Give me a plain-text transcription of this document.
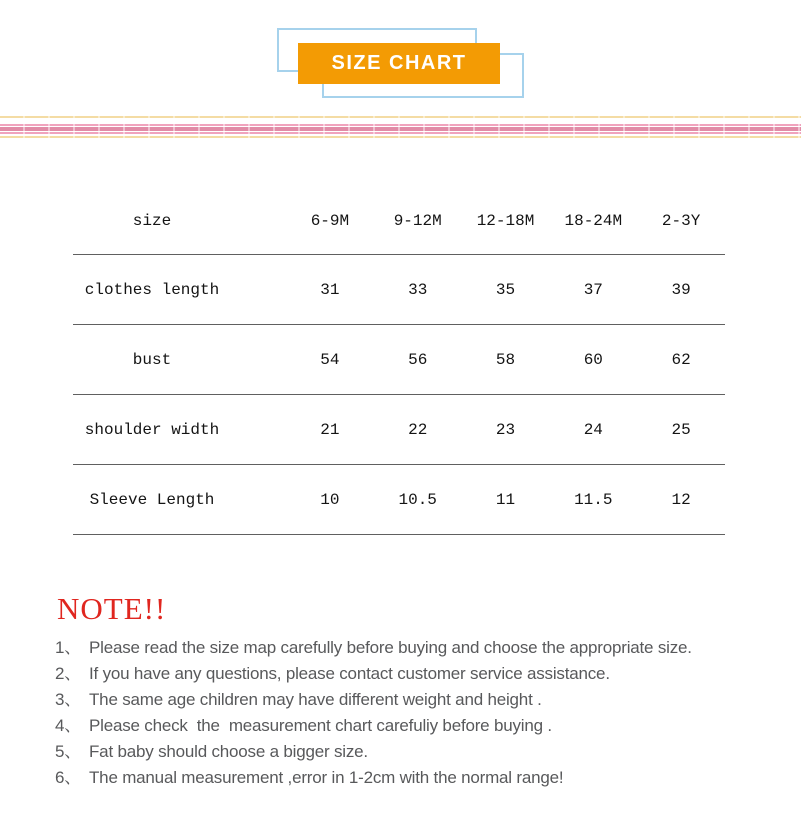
SIZE CHART
size	6-9M	9-12M	12-18M	18-24M	2-3Y
clothes length	31	33	35	37	39
bust	54	56	58	60	62
shoulder width	21	22	23	24	25
Sleeve Length	10	10.5	11	11.5	12
NOTE!!
1、 Please read the size map carefully before buying and choose the appropriate size.
2、 If you have any questions, please contact customer service assistance.
3、 The same age children may have different weight and height .
4、 Please check  the  measurement chart carefuliy before buying .
5、 Fat baby should choose a bigger size.
6、 The manual measurement ,error in 1-2cm with the normal range!
